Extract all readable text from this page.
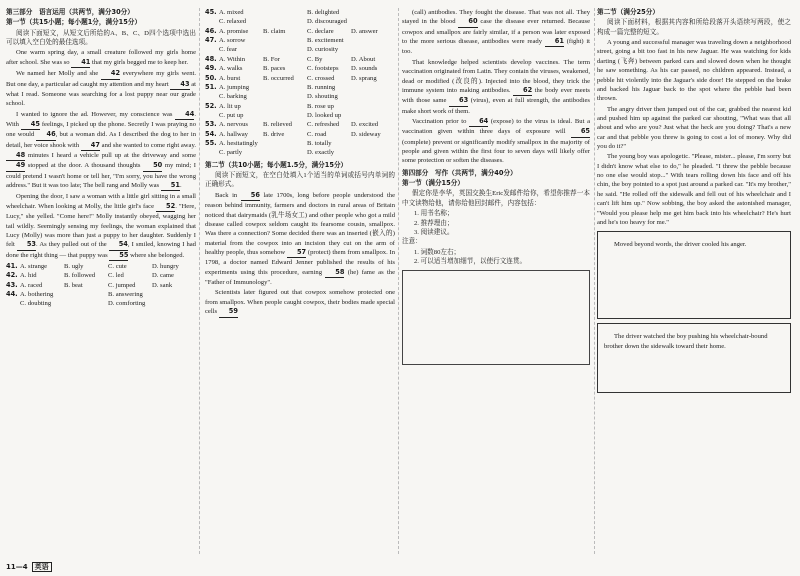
第三部分　语言运用（共两节，满分30分）
第一节（共15小题；每小题1分，满分15分）
阅读下面短文，从短文后所给的A、B、C、D四个选项中选出可以填入空白处的最佳选项。
One warm spring day, a small creature followed my girls home after school. She was so 41 that my girls begged me to keep her.
We named her Molly and she 42 everywhere my girls went. But one day, a particular ad caught my attention and my heart 43 at what I read. Someone was searching for a lost puppy near our grade school.
I wanted to ignore the ad. However, my conscience was 44. With 45 feelings, I picked up the phone. Secretly I was praying no one would 46, but a woman did. As I described the dog to her in detail, her voice shook with 47 and she wanted to come right away. 48 minutes I heard a vehicle pull up at the driveway and some 49 stopped at the door. A thousand thoughts 50 my mind; I could pretend I wasn't home or tell her, "I'm sorry, you have the wrong address." But it was too late; The bell rang and Molly was 51.
Opening the door, I saw a woman with a little girl sitting in a small wheelchair. When looking at Molly, the little girl's face 52. "Here, Lucy," she yelled. "Come here!" Molly instantly obeyed, wagging her tail wildly. Seemingly sensing my feelings, the woman explained that Lucy (Molly) was more than just a puppy to her daughter. Suddenly I felt 53. As they pulled out of the 54, I smiled, knowing I had done the right thing — that puppy was 55 where she belonged.
41. A. strange	B. ugly	C. cute	D. hungry
42. A. hid	B. followed	C. led	D. came
43. A. raced	B. beat	C. jumped	D. sank
44. A. bothering	B. answering
C. doubting	D. comforting
45. A. mixed	B. delighted
C. relaxed	D. discouraged
46. A. promise	B. claim	C. declare	D. answer
47. A. sorrow	B. excitement
C. fear	D. curiosity
48. A. Within	B. For	C. By	D. About
49. A. walks	B. paces	C. footsteps	D. sounds
50. A. burst	B. occurred	C. crossed	D. sprang
51. A. jumping	B. running
C. barking	D. shouting
52. A. lit up	B. rose up
C. put up	D. looked up
53. A. nervous	B. relieved	C. refreshed	D. excited
54. A. hallway	B. drive	C. road	D. sideway
55. A. hesitatingly	B. totally
C. partly	D. exactly
第二节（共10小题；每小题1.5分，满分15分）
阅读下面短文，在空白处填入1个适当的单词或括号内单词的正确形式。
Back in 56 late 1700s, long before people understood the reason behind immunity, farmers and doctors in rural areas of Britain noticed that dairymaids (乳牛场女工) and other people who got a mild disease called cowpox seldom caught its fearsome cousin, smallpox. Was there a connection? Some decided there was an inserted (嵌入的) material from the cowpox into an incision they cut on the arm of healthy people, thus somehow 57 (protect) them from smallpox. In 1798, a doctor named Edward Jenner published the results of his experiments using this procedure, earning 58 (he) fame as the "Father of Immunology".
Scientists later figured out that cowpox somehow protected one from smallpox. When people caught cowpox, their bodies made special cells 59
(call) antibodies. They fought the disease. That was not all. They stayed in the blood 60 case the disease ever returned. Because cowpox and smallpox are fairly similar, if a person was later exposed to the more serious disease, antibodies were ready 61 (fight) it too.
That knowledge helped scientists develop vaccines. The term vaccination originated from Latin. They contain the viruses, weakened, dead or modified (改良的). Injected into the blood, they trick the immune system into making antibodies. 62 the body ever meets with those same 63 (virus), even at full strength, the antibodies make short work of them.
Vaccination prior to 64 (expose) to the virus is ideal. But a vaccination given within three days of exposure will 65 (complete) prevent or significantly modify smallpox in the majority of people and given within the first four to seven days will likely offer some protection or soften the diseases.
第四部分　写作（共两节，满分40分）
第一节（满分15分）
假定你是李华，英国交换生Eric发邮件给你，希望你推荐一本中文读物给他，请你给他回封邮件，内容包括：
1. 用书名称；
2. 推荐理由；
3. 阅读建议。
注意：
1. 词数80左右；
2. 可以适当增加细节，以使行文连贯。
第二节（满分25分）
阅读下面材料，根据其内容和所给段落开头语续写两段，使之构成一篇完整的短文。
A young and successful manager was traveling down a neighborhood street, going a bit too fast in his new Jaguar. He was watching for kids darting (飞奔) between parked cars and slowed down when he thought he saw something. As his car passed, no children appeared. Instead, a pebble hit violently into the Jaguar's side door! He stepped on the brake and backed his Jaguar back to the spot where the pebble had been thrown.
The angry driver then jumped out of the car, grabbed the nearest kid and pushed him up against the parked car shouting, "What was that all about and who are you? Just what the heck are you doing? That's a new car and that pebble you threw is going to cost a lot of money. Why did you do it?"
The young boy was apologetic. "Please, mister... please, I'm sorry but I didn't know what else to do," he pleaded. "I threw the pebble because no one else would stop..." With tears rolling down his face and off his chin, the boy pointed to a spot just around a parked car. "It's my brother," he said. "He rolled off the sidewalk and fell out of his wheelchair and I can't lift him up." Now sobbing, the boy asked the astonished manager, "Would you please help me get him back into his wheelchair? He's hurt and he's too heavy for me."
Moved beyond words, the driver cooled his anger.
The driver watched the boy pushing his wheelchair-bound brother down the sidewalk toward their home.
11—4 英语
